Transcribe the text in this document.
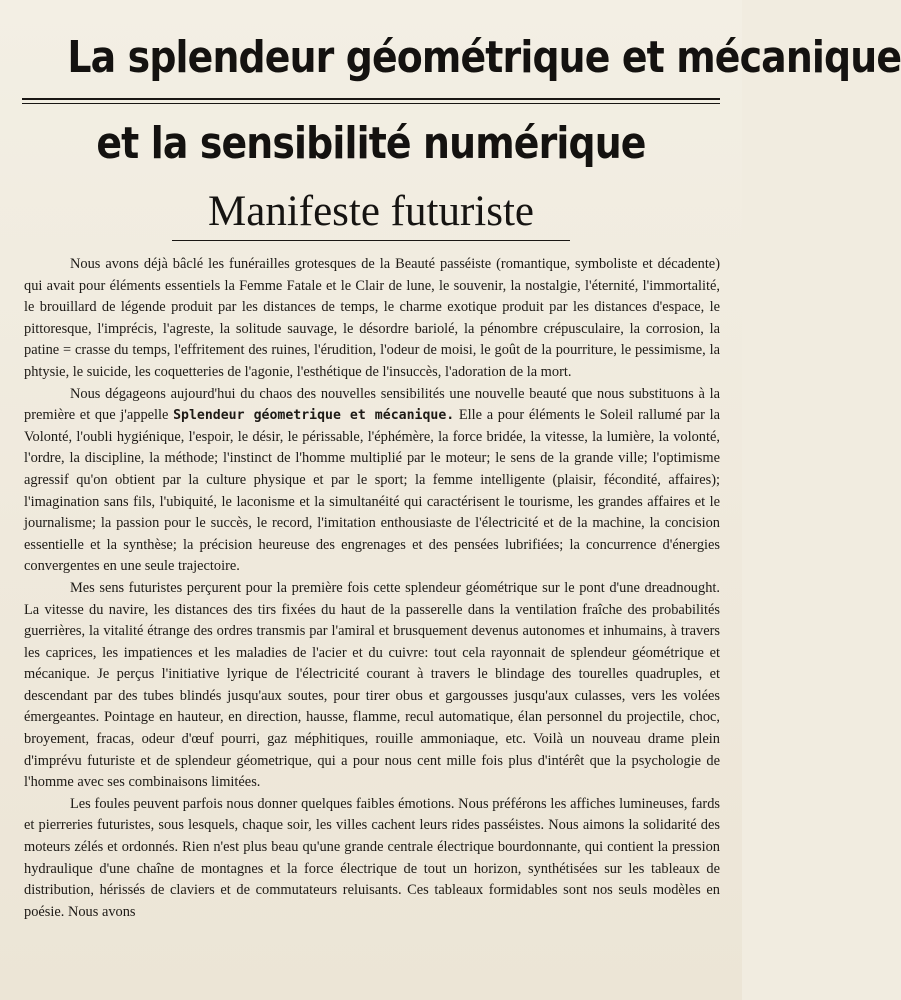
La splendeur géométrique et mécanique
et la sensibilité numérique
Manifeste futuriste

Nous avons déjà bâclé les funérailles grotesques de la Beauté passéiste (romantique, symboliste et décadente) qui avait pour éléments essentiels la Femme Fatale et le Clair de lune, le souvenir, la nostalgie, l'éternité, l'immortalité, le brouillard de légende produit par les distances de temps, le charme exotique produit par les distances d'espace, le pittoresque, l'imprécis, l'agreste, la solitude sauvage, le désordre bariolé, la pénombre crépusculaire, la corrosion, la patine = crasse du temps, l'effritement des ruines, l'érudition, l'odeur de moisi, le goût de la pourriture, le pessimisme, la phtysie, le suicide, les coquetteries de l'agonie, l'esthétique de l'insuccès, l'adoration de la mort.

Nous dégageons aujourd'hui du chaos des nouvelles sensibilités une nouvelle beauté que nous substituons à la première et que j'appelle Splendeur géometrique et mécanique. Elle a pour éléments le Soleil rallumé par la Volonté, l'oubli hygiénique, l'espoir, le désir, le périssable, l'éphémère, la force bridée, la vitesse, la lumière, la volonté, l'ordre, la discipline, la méthode; l'instinct de l'homme multiplié par le moteur; le sens de la grande ville; l'optimisme agressif qu'on obtient par la culture physique et par le sport; la femme intelligente (plaisir, fécondité, affaires); l'imagination sans fils, l'ubiquité, le laconisme et la simultanéité qui caractérisent le tourisme, les grandes affaires et le journalisme; la passion pour le succès, le record, l'imitation enthousiaste de l'électricité et de la machine, la concision essentielle et la synthèse; la précision heureuse des engrenages et des pensées lubrifiées; la concurrence d'énergies convergentes en une seule trajectoire.

Mes sens futuristes perçurent pour la première fois cette splendeur géométrique sur le pont d'une dreadnought. La vitesse du navire, les distances des tirs fixées du haut de la passerelle dans la ventilation fraîche des probabilités guerrières, la vitalité étrange des ordres transmis par l'amiral et brusquement devenus autonomes et inhumains, à travers les caprices, les impatiences et les maladies de l'acier et du cuivre: tout cela rayonnait de splendeur géométrique et mécanique. Je perçus l'initiative lyrique de l'électricité courant à travers le blindage des tourelles quadruples, et descendant par des tubes blindés jusqu'aux soutes, pour tirer obus et gargousses jusqu'aux culasses, vers les volées émergeantes. Pointage en hauteur, en direction, hausse, flamme, recul automatique, élan personnel du projectile, choc, broyement, fracas, odeur d'œuf pourri, gaz méphitiques, rouille ammoniaque, etc. Voilà un nouveau drame plein d'imprévu futuriste et de splendeur géometrique, qui a pour nous cent mille fois plus d'intérêt que la psychologie de l'homme avec ses combinaisons limitées.

Les foules peuvent parfois nous donner quelques faibles émotions. Nous préférons les affiches lumineuses, fards et pierreries futuristes, sous lesquels, chaque soir, les villes cachent leurs rides passéistes. Nous aimons la solidarité des moteurs zélés et ordonnés. Rien n'est plus beau qu'une grande centrale électrique bourdonnante, qui contient la pression hydraulique d'une chaîne de montagnes et la force électrique de tout un horizon, synthétisées sur les tableaux de distribution, hérissés de claviers et de commutateurs reluisants. Ces tableaux formidables sont nos seuls modèles en poésie. Nous avons
